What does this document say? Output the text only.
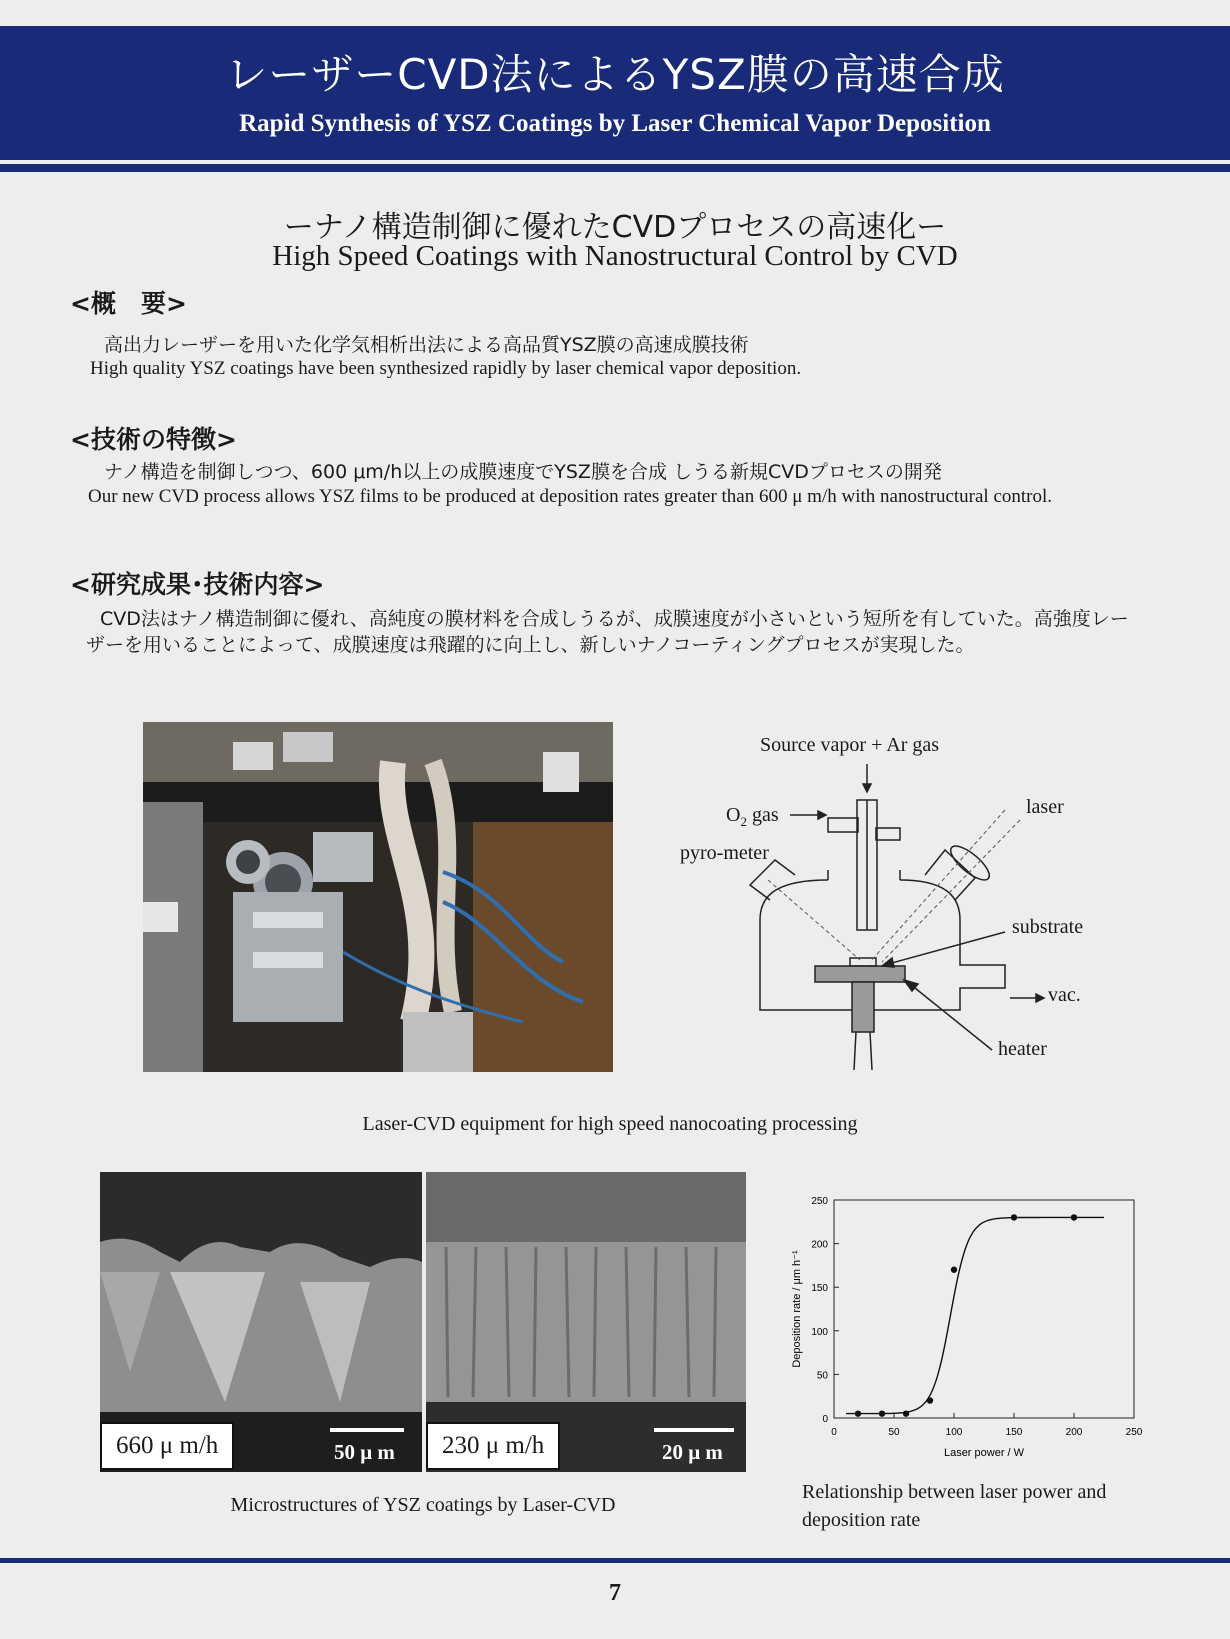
レーザーCVD法によるYSZ膜の高速合成
Rapid Synthesis of YSZ Coatings by Laser Chemical Vapor Deposition
ーナノ構造制御に優れたCVDプロセスの高速化ー
High Speed Coatings with Nanostructural Control by CVD
<概　要>
高出力レーザーを用いた化学気相析出法による高品質YSZ膜の高速成膜技術
High quality YSZ coatings have been synthesized rapidly by laser chemical vapor deposition.
<技術の特徴>
ナノ構造を制御しつつ、600 μm/h以上の成膜速度でYSZ膜を合成 しうる新規CVDプロセスの開発
Our new CVD process allows YSZ films to be produced at deposition rates greater than 600 μ m/h with nanostructural control.
<研究成果･技術内容>
CVD法はナノ構造制御に優れ、高純度の膜材料を合成しうるが、成膜速度が小さいという短所を有していた。高強度レーザーを用いることによって、成膜速度は飛躍的に向上し、新しいナノコーティングプロセスが実現した。
Source vapor + Ar gas
$O_2$ gas
pyro-meter
laser
substrate
vac.
heater
Laser-CVD equipment for high speed nanocoating processing
660 μ m/h	50 μ m	230 μ m/h	20 μ m
Microstructures of YSZ coatings by Laser-CVD
0	50	100	150	200	250
0
50
100
150
200
250
Laser power / W
Deposition rate / μm h⁻¹
Relationship between laser power and deposition rate
7
